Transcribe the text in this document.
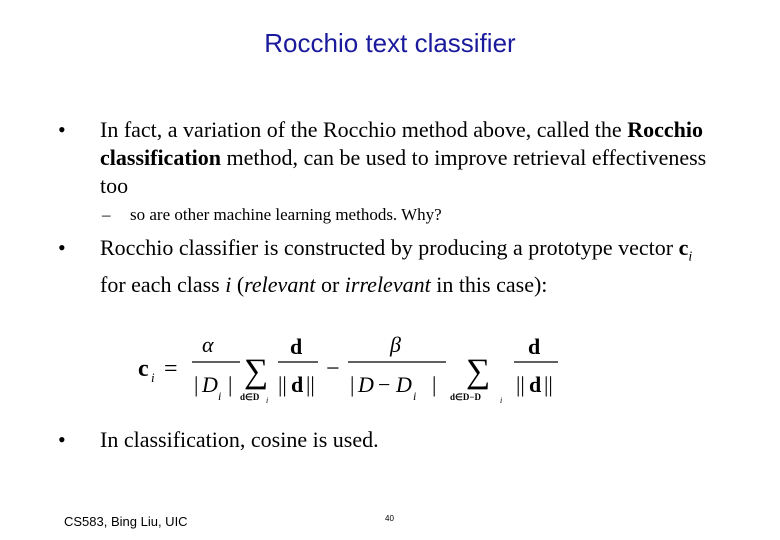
Rocchio text classifier
• In fact, a variation of the Rocchio method above, called the Rocchio classification method, can be used to improve retrieval effectiveness too
– so are other machine learning methods. Why?
• Rocchio classifier is constructed by producing a prototype vector $c_i$ for each class i (relevant or irrelevant in this case):
c i =
α
| D i | ∑
d∈D i
d
|| d ||
−
β
| D − D i | ∑
d∈D−D i
d
|| d ||
• In classification, cosine is used.
CS583, Bing Liu, UIC	40
